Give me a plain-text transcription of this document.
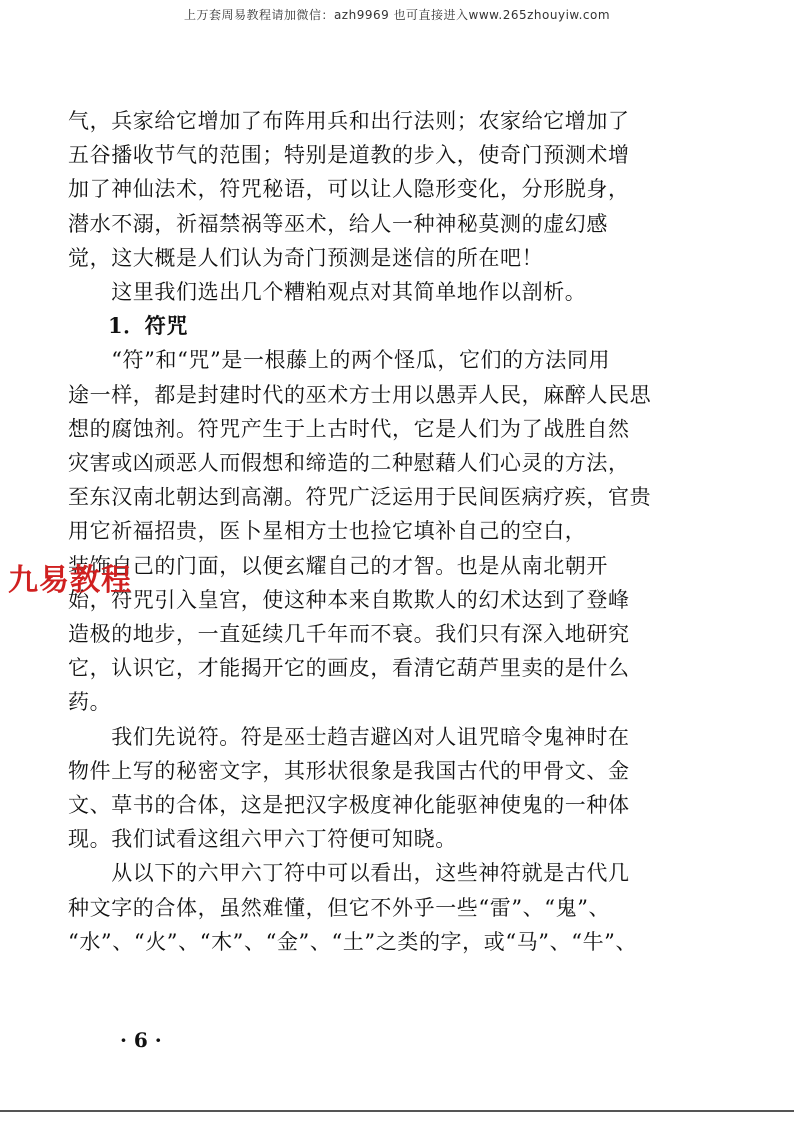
上万套周易教程请加微信：azh9969 也可直接进入www.265zhouyiw.com
气，兵家给它增加了布阵用兵和出行法则；农家给它增加了
五谷播收节气的范围；特别是道教的步入，使奇门预测术增
加了神仙法术，符咒秘语，可以让人隐形变化，分形脱身，
潜水不溺，祈福禁祸等巫术，给人一种神秘莫测的虚幻感
觉，这大概是人们认为奇门预测是迷信的所在吧！
　　这里我们选出几个糟粕观点对其简单地作以剖析。
1．符咒
　　“符”和“咒”是一根藤上的两个怪瓜，它们的方法同用
途一样，都是封建时代的巫术方士用以愚弄人民，麻醉人民思
想的腐蚀剂。符咒产生于上古时代，它是人们为了战胜自然
灾害或凶顽恶人而假想和缔造的二种慰藉人们心灵的方法，
至东汉南北朝达到高潮。符咒广泛运用于民间医病疗疾，官贵
用它祈福招贵，医卜星相方士也捡它填补自己的空白，
装饰自己的门面，以便玄耀自己的才智。也是从南北朝开
始，符咒引入皇宫，使这种本来自欺欺人的幻术达到了登峰
造极的地步，一直延续几千年而不衰。我们只有深入地研究
它，认识它，才能揭开它的画皮，看清它葫芦里卖的是什么
药。
　　我们先说符。符是巫士趋吉避凶对人诅咒暗令鬼神时在
物件上写的秘密文字，其形状很象是我国古代的甲骨文、金
文、草书的合体，这是把汉字极度神化能驱神使鬼的一种体
现。我们试看这组六甲六丁符便可知晓。
　　从以下的六甲六丁符中可以看出，这些神符就是古代几
种文字的合体，虽然难懂，但它不外乎一些“雷”、“鬼”、
“水”、“火”、“木”、“金”、“土”之类的字，或“马”、“牛”、
九易教程
· 6 ·
